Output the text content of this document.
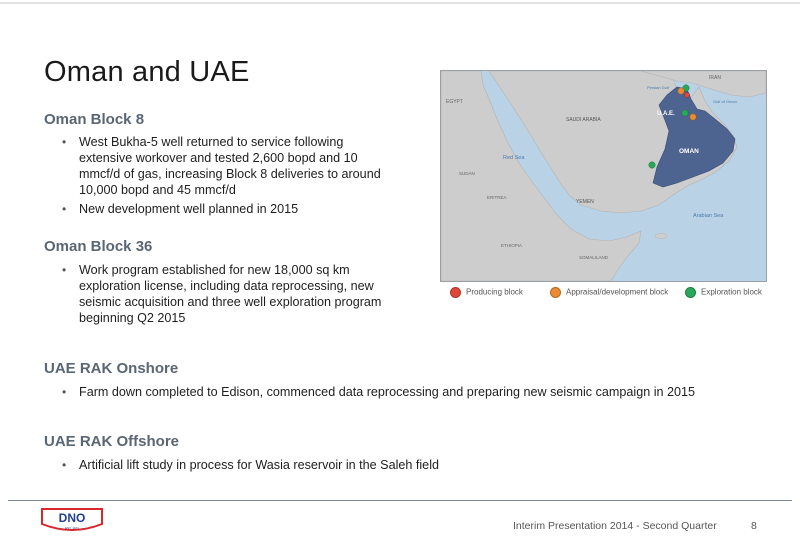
Oman and UAE
Oman Block 8
• West Bukha-5 well returned to service following extensive workover and tested 2,600 bopd and 10 mmcf/d of gas, increasing Block 8 deliveries to around 10,000 bopd and 45 mmcf/d
• New development well planned in 2015
Oman Block 36
• Work program established for new 18,000 sq km exploration license, including data reprocessing, new seismic acquisition and three well exploration program beginning Q2 2015
UAE RAK Onshore
• Farm down completed to Edison, commenced data reprocessing and preparing new seismic campaign in 2015
UAE RAK Offshore
• Artificial lift study in process for Wasia reservoir in the Saleh field
EGYPT
IRAN
SAUDI ARABIA
U.A.E.
OMAN
Red Sea
SUDAN
ERITREA
YEMEN
ETHIOPIA
SOMALILAND
Arabian Sea
Persian Gulf
Gulf of Oman
Producing block	Appraisal/development block	Exploration block
DNO
EST. 1971	Interim Presentation 2014 - Second Quarter	8
